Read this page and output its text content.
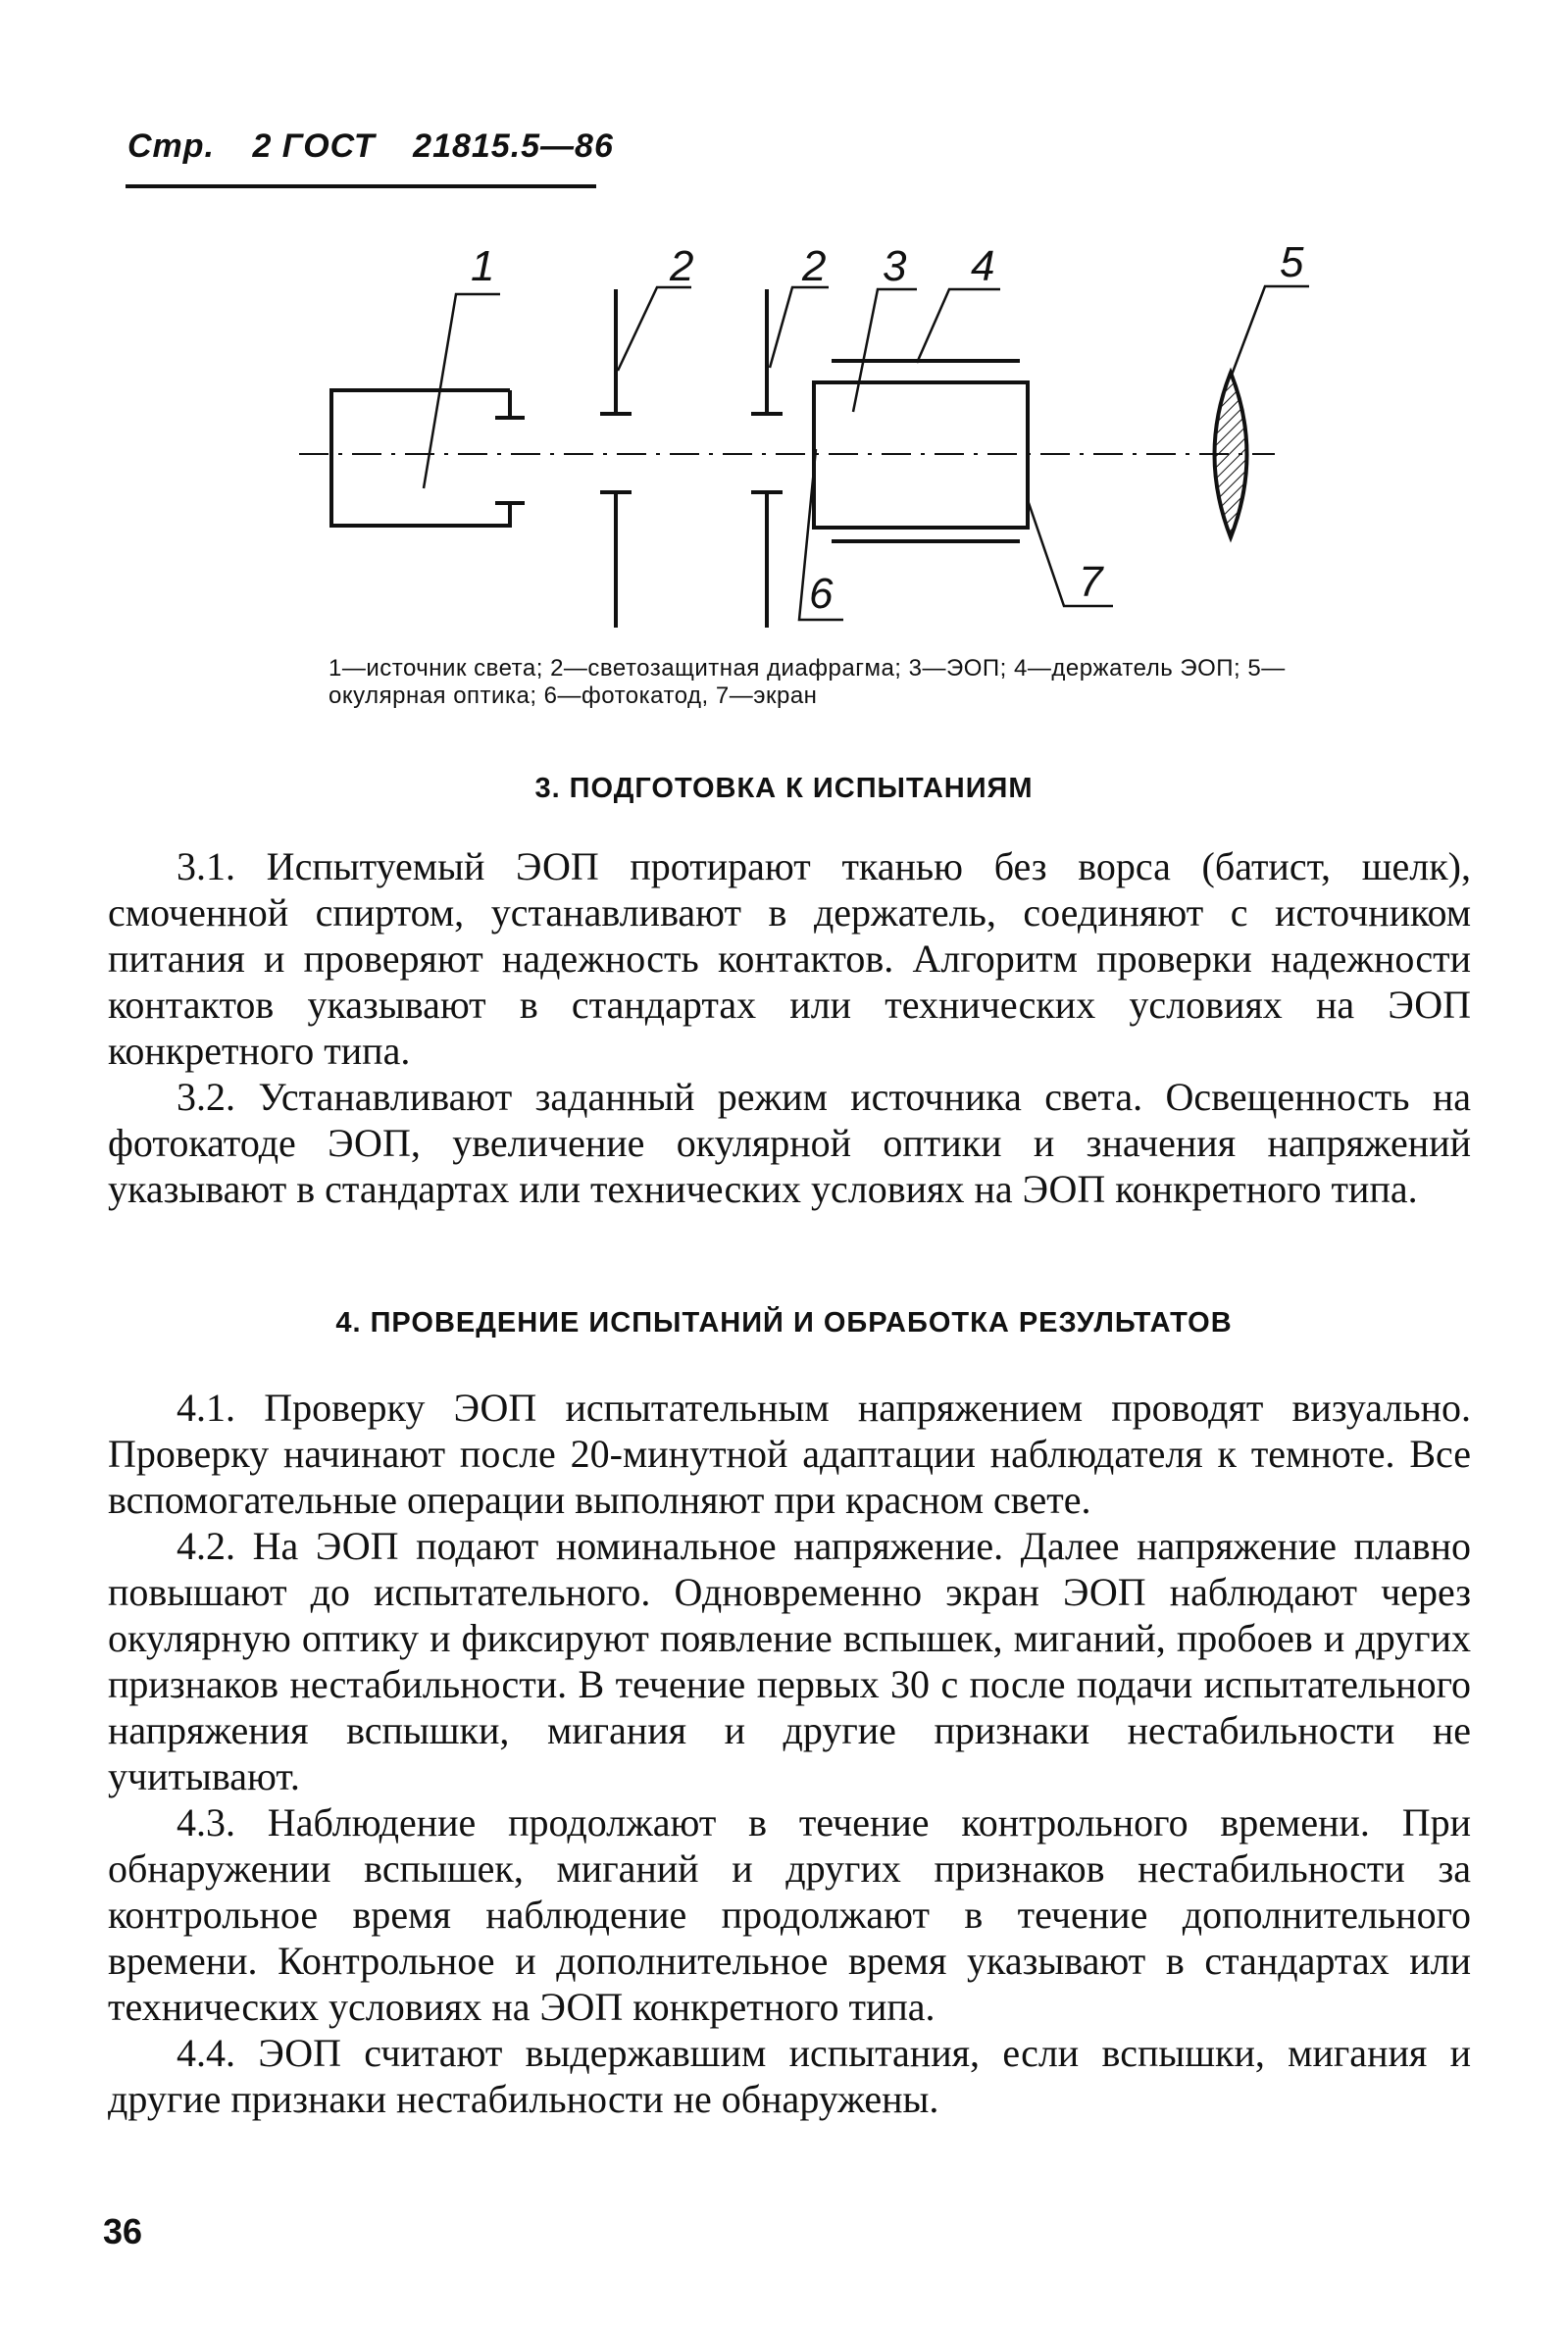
Стр. 2 ГОСТ 21815.5—86
1	2	2 3 4	5
6	7
1—источник света; 2—светозащитная диафрагма; 3—ЭОП; 4—держатель ЭОП; 5—окулярная оптика; 6—фотокатод, 7—экран
3. ПОДГОТОВКА К ИСПЫТАНИЯМ

3.1. Испытуемый ЭОП протирают тканью без ворса (батист, шелк), смоченной спиртом, устанавливают в держатель, соединяют с источником питания и проверяют надежность контактов. Алгоритм проверки надежности контактов указывают в стандартах или технических условиях на ЭОП конкретного типа.

3.2. Устанавливают заданный режим источника света. Освещенность на фотокатоде ЭОП, увеличение окулярной оптики и значения напряжений указывают в стандартах или технических условиях на ЭОП конкретного типа.

4. ПРОВЕДЕНИЕ ИСПЫТАНИЙ И ОБРАБОТКА РЕЗУЛЬТАТОВ

4.1. Проверку ЭОП испытательным напряжением проводят визуально. Проверку начинают после 20-минутной адаптации наблюдателя к темноте. Все вспомогательные операции выполняют при красном свете.

4.2. На ЭОП подают номинальное напряжение. Далее напряжение плавно повышают до испытательного. Одновременно экран ЭОП наблюдают через окулярную оптику и фиксируют появление вспышек, миганий, пробоев и других признаков нестабильности. В течение первых 30 с после подачи испытательного напряжения вспышки, мигания и другие признаки нестабильности не учитывают.

4.3. Наблюдение продолжают в течение контрольного времени. При обнаружении вспышек, миганий и других признаков нестабильности за контрольное время наблюдение продолжают в течение дополнительного времени. Контрольное и дополнительное время указывают в стандартах или технических условиях на ЭОП конкретного типа.

4.4. ЭОП считают выдержавшим испытания, если вспышки, мигания и другие признаки нестабильности не обнаружены.

36
